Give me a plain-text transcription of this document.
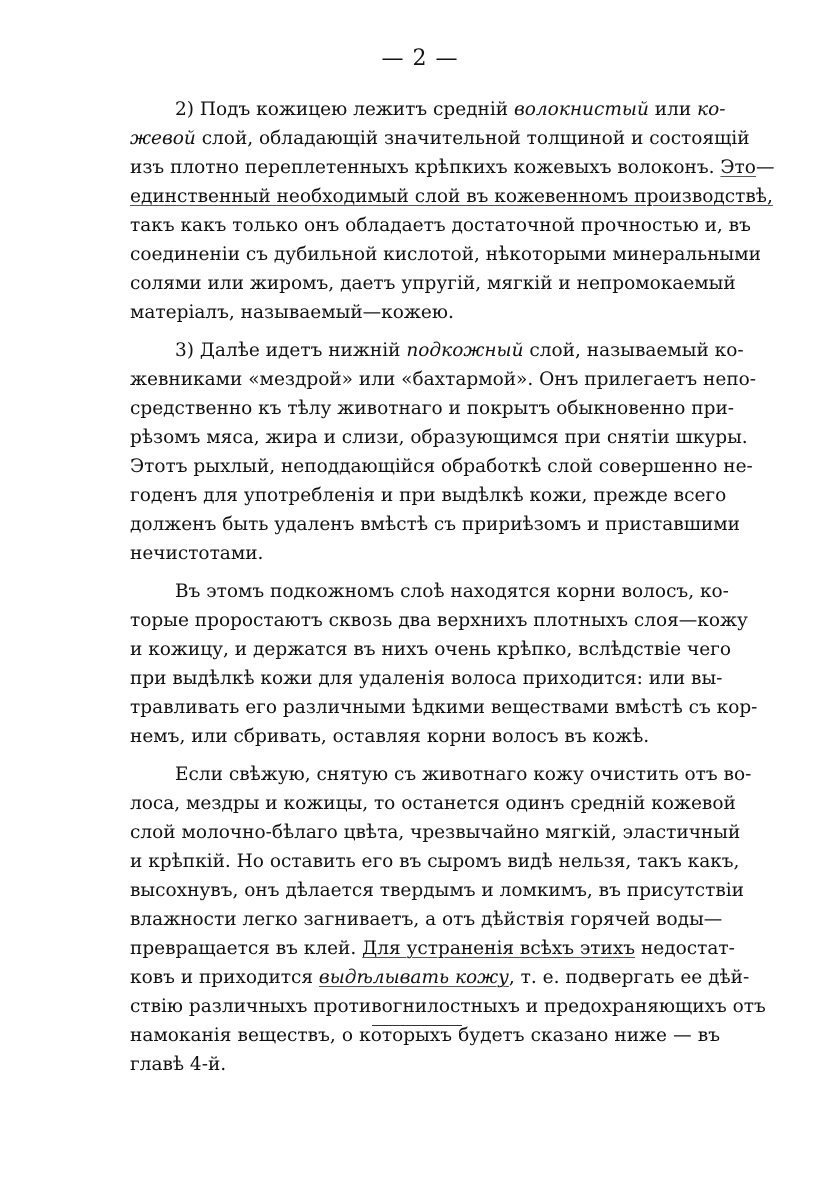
— 2 —
2) Подъ кожицею лежитъ средній волокнистый или ко-
жевой слой, обладающій значительной толщиной и состоящій
изъ плотно переплетенныхъ крѣпкихъ кожевыхъ волоконъ. Это—
единственный необходимый слой въ кожевенномъ производствѣ,
такъ какъ только онъ обладаетъ достаточной прочностью и, въ
соединеніи съ дубильной кислотой, нѣкоторыми минеральными
солями или жиромъ, даетъ упругій, мягкій и непромокаемый
матеріалъ, называемый—кожею.
3) Далѣе идетъ нижній подкожный слой, называемый ко-
жевниками «мездрой» или «бахтармой». Онъ прилегаетъ непо-
средственно къ тѣлу животнаго и покрытъ обыкновенно при-
рѣзомъ мяса, жира и слизи, образующимся при снятіи шкуры.
Этотъ рыхлый, неподдающійся обработкѣ слой совершенно не-
годенъ для употребленія и при выдѣлкѣ кожи, прежде всего
долженъ быть удаленъ вмѣстѣ съ пририѣзомъ и приставшими
нечистотами.
Въ этомъ подкожномъ слоѣ находятся корни волосъ, ко-
торые проростаютъ сквозь два верхнихъ плотныхъ слоя—кожу
и кожицу, и держатся въ нихъ очень крѣпко, вслѣдствіе чего
при выдѣлкѣ кожи для удаленія волоса приходится: или вы-
травливать его различными ѣдкими веществами вмѣстѣ съ кор-
немъ, или сбривать, оставляя корни волосъ въ кожѣ.
Если свѣжую, снятую съ животнаго кожу очистить отъ во-
лоса, мездры и кожицы, то останется одинъ средній кожевой
слой молочно-бѣлаго цвѣта, чрезвычайно мягкій, эластичный
и крѣпкій. Но оставить его въ сыромъ видѣ нельзя, такъ какъ,
высохнувъ, онъ дѣлается твердымъ и ломкимъ, въ присутствіи
влажности легко загниваетъ, а отъ дѣйствія горячей воды—
превращается въ клей. Для устраненія всѣхъ этихъ недостат-
ковъ и приходится выдѣлывать кожу, т. е. подвергать ее дѣй-
ствію различныхъ противогнилостныхъ и предохраняющихъ отъ
намоканія веществъ, о которыхъ будетъ сказано ниже — въ
главѣ 4-й.
